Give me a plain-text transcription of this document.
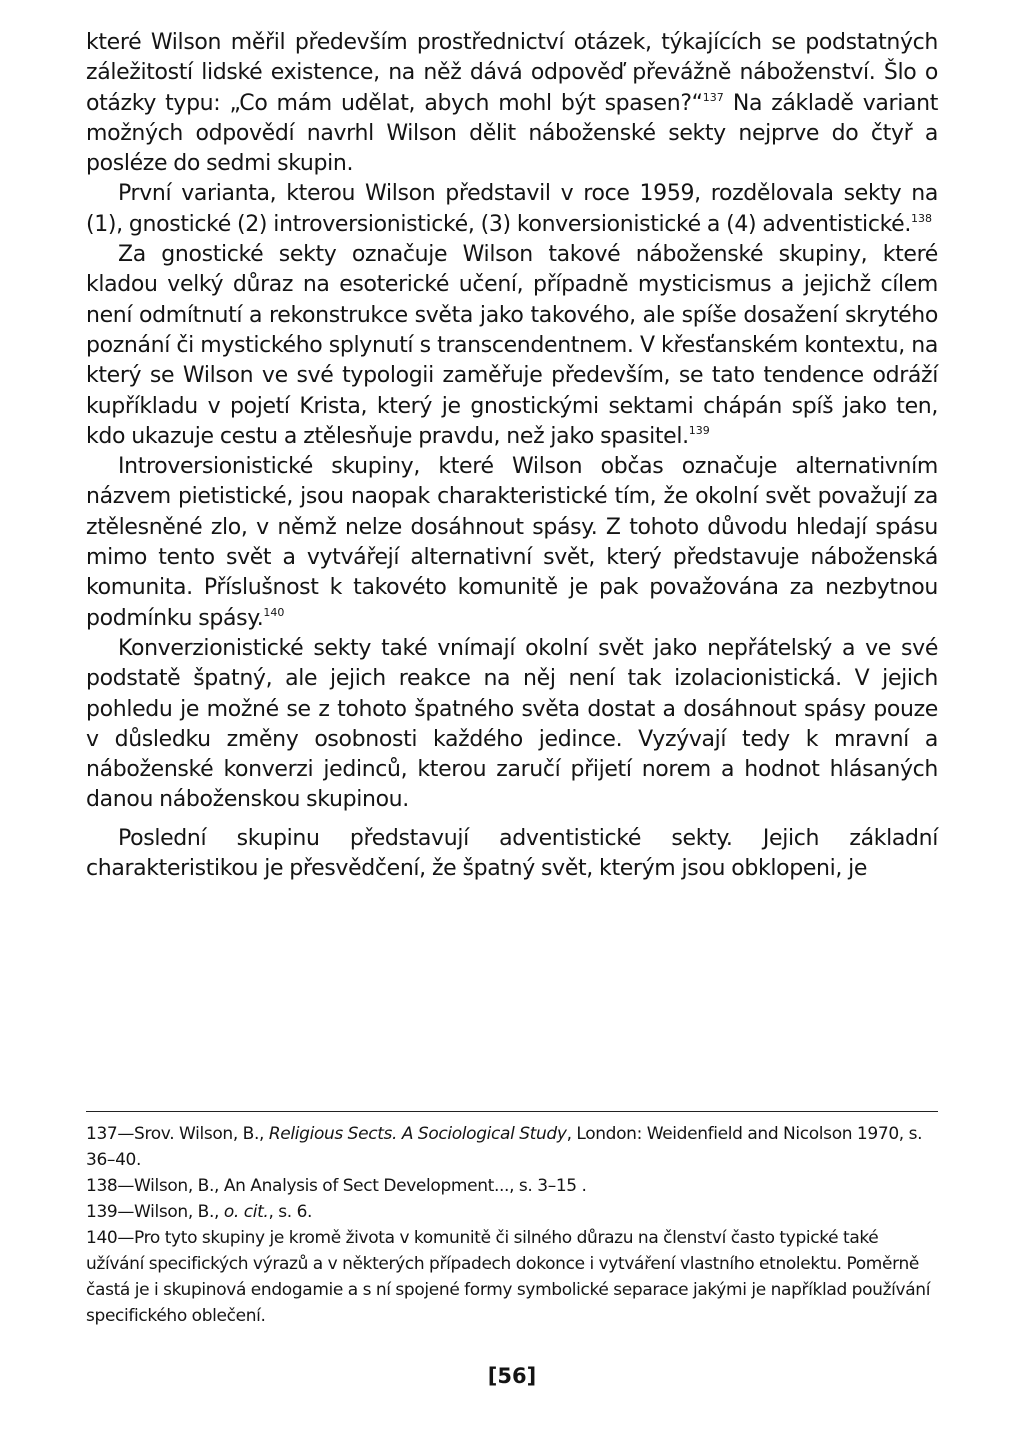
které Wilson měřil především prostřednictví otázek, týkajících se podstatných záležitostí lidské existence, na něž dává odpověď převážně náboženství. Šlo o otázky typu: „Co mám udělat, abych mohl být spasen?“$^{137}$ Na základě variant možných odpovědí navrhl Wilson dělit náboženské sekty nejprve do čtyř a posléze do sedmi skupin.

První varianta, kterou Wilson představil v roce 1959, rozdělovala sekty na (1), gnostické (2) introversionistické, (3) konversionistické a (4) adventistické.$^{138}$

Za gnostické sekty označuje Wilson takové náboženské skupiny, které kladou velký důraz na esoterické učení, případně mysticismus a jejichž cílem není odmítnutí a rekonstrukce světa jako takového, ale spíše dosažení skrytého poznání či mystického splynutí s transcendentnem. V křesťanském kontextu, na který se Wilson ve své typologii zaměřuje především, se tato tendence odráží kupříkladu v pojetí Krista, který je gnostickými sektami chápán spíš jako ten, kdo ukazuje cestu a ztělesňuje pravdu, než jako spasitel.$^{139}$

Introversionistické skupiny, které Wilson občas označuje alternativním názvem pietistické, jsou naopak charakteristické tím, že okolní svět považují za ztělesněné zlo, v němž nelze dosáhnout spásy. Z tohoto důvodu hledají spásu mimo tento svět a vytvářejí alternativní svět, který představuje náboženská komunita. Příslušnost k takovéto komunitě je pak považována za nezbytnou podmínku spásy.$^{140}$

Konverzionistické sekty také vnímají okolní svět jako nepřátelský a ve své podstatě špatný, ale jejich reakce na něj není tak izolacionistická. V jejich pohledu je možné se z tohoto špatného světa dostat a dosáhnout spásy pouze v důsledku změny osobnosti každého jedince. Vyzývají tedy k mravní a náboženské konverzi jedinců, kterou zaručí přijetí norem a hodnot hlásaných danou náboženskou skupinou.

Poslední skupinu představují adventistické sekty. Jejich základní charakteristikou je přesvědčení, že špatný svět, kterým jsou obklopeni, je

137—Srov. Wilson, B., Religious Sects. A Sociological Study, London: Weidenfield and Nicolson 1970, s. 36–40.

138—Wilson, B., An Analysis of Sect Development..., s. 3–15 .

139—Wilson, B., o. cit., s. 6.

140—Pro tyto skupiny je kromě života v komunitě či silného důrazu na členství často typické také užívání specifických výrazů a v některých případech dokonce i vytváření vlastního etnolektu. Poměrně častá je i skupinová endogamie a s ní spojené formy symbolické separace jakými je například používání specifického oblečení.

[56]
